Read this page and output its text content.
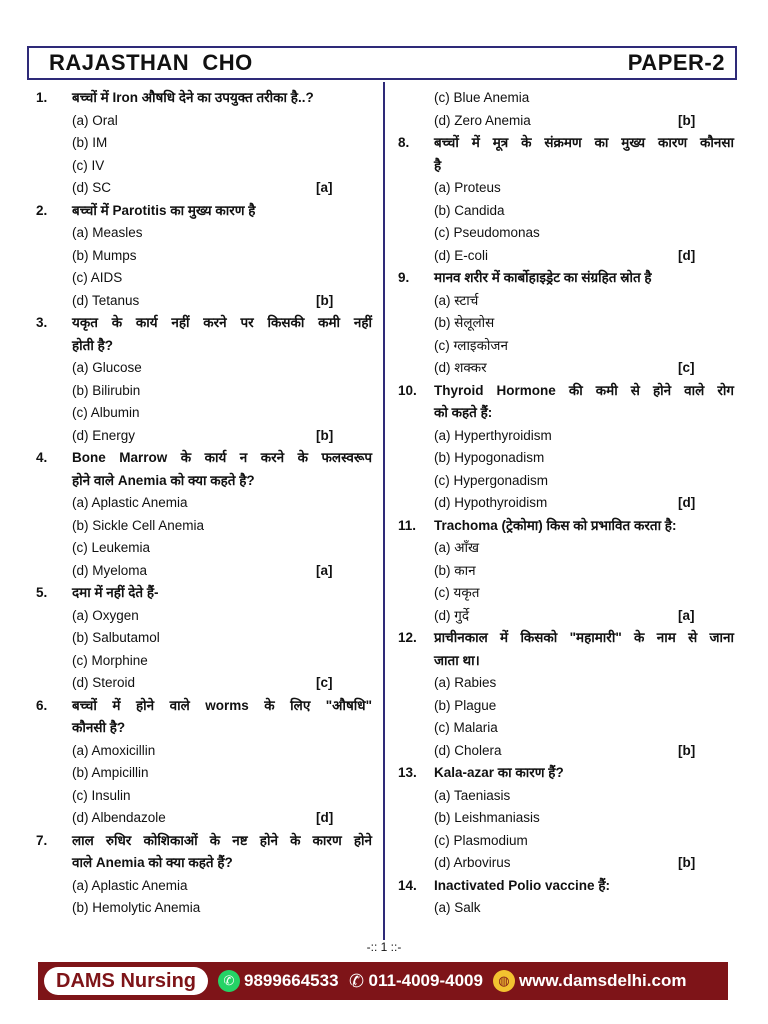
RAJASTHAN  CHO	PAPER-2
1.	बच्चों में Iron औषधि देने का उपयुक्त तरीका है..?
(a) Oral
(b) IM
(c) IV
(d) SC	[a]
2.	बच्चों में Parotitis का मुख्य कारण है
(a) Measles
(b) Mumps
(c) AIDS
(d) Tetanus	[b]
3.	यकृत के कार्य नहीं करने पर किसकी कमी नहीं
होती है?
(a) Glucose
(b) Bilirubin
(c) Albumin
(d) Energy	[b]
4.	Bone Marrow के कार्य न करने के फलस्वरूप
होने वाले Anemia को क्या कहते है?
(a) Aplastic Anemia
(b) Sickle Cell Anemia
(c) Leukemia
(d) Myeloma	[a]
5.	दमा में नहीं देते हैं-
(a) Oxygen
(b) Salbutamol
(c) Morphine
(d) Steroid	[c]
6.	बच्चों में होने वाले worms के लिए "औषधि"
कौनसी है?
(a) Amoxicillin
(b) Ampicillin
(c) Insulin
(d) Albendazole	[d]
7.	लाल रुधिर कोशिकाओं के नष्ट होने के कारण होने
वाले Anemia को क्या कहते हैं?
(a) Aplastic Anemia
(b) Hemolytic Anemia
(c) Blue Anemia
(d) Zero Anemia	[b]
8.	बच्चों में मूत्र के संक्रमण का मुख्य कारण कौनसा
है
(a) Proteus
(b) Candida
(c) Pseudomonas
(d) E-coli	[d]
9.	मानव शरीर में कार्बोहाइड्रेट का संग्रहित स्रोत है
(a) स्टार्च
(b) सेलूलोस
(c) ग्लाइकोजन
(d) शक्कर	[c]
10.	Thyroid Hormone की कमी से होने वाले रोग
को कहते हैं:
(a) Hyperthyroidism
(b) Hypogonadism
(c) Hypergonadism
(d) Hypothyroidism	[d]
11.	Trachoma (ट्रेकोमा) किस को प्रभावित करता है:
(a) आँख
(b) कान
(c) यकृत
(d) गुर्दे	[a]
12.	प्राचीनकाल में किसको "महामारी" के नाम से जाना
जाता था।
(a) Rabies
(b) Plague
(c) Malaria
(d) Cholera	[b]
13.	Kala-azar का कारण हैं?
(a) Taeniasis
(b) Leishmaniasis
(c) Plasmodium
(d) Arbovirus	[b]
14.	Inactivated Polio vaccine हैं:
(a) Salk
-:: 1 ::-
DAMS Nursing	✆ 9899664533 ✆ 011-4009-4009	◍ www.damsdelhi.com
